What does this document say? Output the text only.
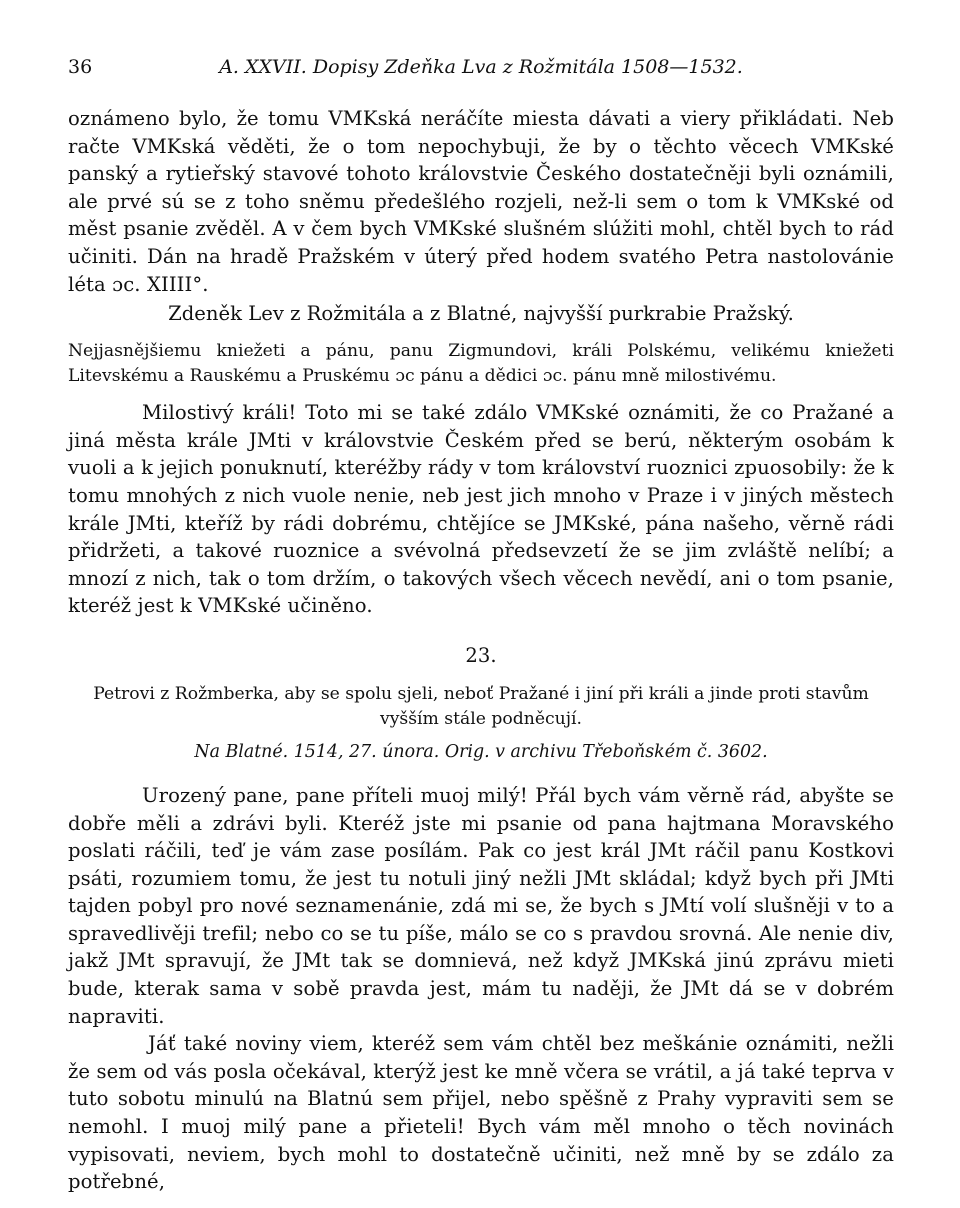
36	A. XXVII. Dopisy Zdeňka Lva z Rožmitála 1508—1532.

oznámeno bylo, že tomu VMKská neráčíte miesta dávati a viery přikládati. Neb račte VMKská věděti, že o tom nepochybuji, že by o těchto věcech VMKské panský a rytieřský stavové tohoto královstvie Českého dostatečněji byli oznámili, ale prvé sú se z toho sněmu předešlého rozjeli, než-li sem o tom k VMKské od měst psanie zvěděl. A v čem bych VMKské slušném slúžiti mohl, chtěl bych to rád učiniti. Dán na hradě Pražském v úterý před hodem svatého Petra nastolovánie léta ɔc. XIIII°.

Zdeněk Lev z Rožmitála a z Blatné, najvyšší purkrabie Pražský.

Nejjasnějšiemu kniežeti a pánu, panu Zigmundovi, králi Polskému, velikému kniežeti Litevskému a Rauskému a Pruskému ɔc pánu a dědici ɔc. pánu mně milostivému.

Milostivý králi! Toto mi se také zdálo VMKské oznámiti, že co Pražané a jiná města krále JMti v královstvie Českém před se berú, některým osobám k vuoli a k jejich ponuknutí, kteréžby rády v tom království ruoznici zpuosobily: že k tomu mnohých z nich vuole nenie, neb jest jich mnoho v Praze i v jiných městech krále JMti, kteříž by rádi dobrému, chtějíce se JMKské, pána našeho, věrně rádi přidržeti, a takové ruoznice a svévolná předsevzetí že se jim zvláště nelíbí; a mnozí z nich, tak o tom držím, o takových všech věcech nevědí, ani o tom psanie, kteréž jest k VMKské učiněno.

23.

Petrovi z Rožmberka, aby se spolu sjeli, neboť Pražané i jiní při králi a jinde proti stavům vyšším stále podněcují.

Na Blatné. 1514, 27. února. Orig. v archivu Třeboňském č. 3602.

Urozený pane, pane příteli muoj milý! Přál bych vám věrně rád, abyšte se dobře měli a zdrávi byli. Kteréž jste mi psanie od pana hajtmana Moravského poslati ráčili, teď je vám zase posílám. Pak co jest král JMt ráčil panu Kostkovi psáti, rozumiem tomu, že jest tu notuli jiný nežli JMt skládal; když bych při JMti tajden pobyl pro nové seznamenánie, zdá mi se, že bych s JMtí volí slušněji v to a spravedlivěji trefil; nebo co se tu píše, málo se co s pravdou srovná. Ale nenie div, jakž JMt spravují, že JMt tak se domnievá, než když JMKská jinú zprávu mieti bude, kterak sama v sobě pravda jest, mám tu naději, že JMt dá se v dobrém napraviti.

Jáť také noviny viem, kteréž sem vám chtěl bez meškánie oznámiti, nežli že sem od vás posla očekával, kterýž jest ke mně včera se vrátil, a já také teprva v tuto sobotu minulú na Blatnú sem přijel, nebo spěšně z Prahy vypraviti sem se nemohl. I muoj milý pane a přieteli! Bych vám měl mnoho o těch novinách vypisovati, neviem, bych mohl to dostatečně učiniti, než mně by se zdálo za potřebné,
